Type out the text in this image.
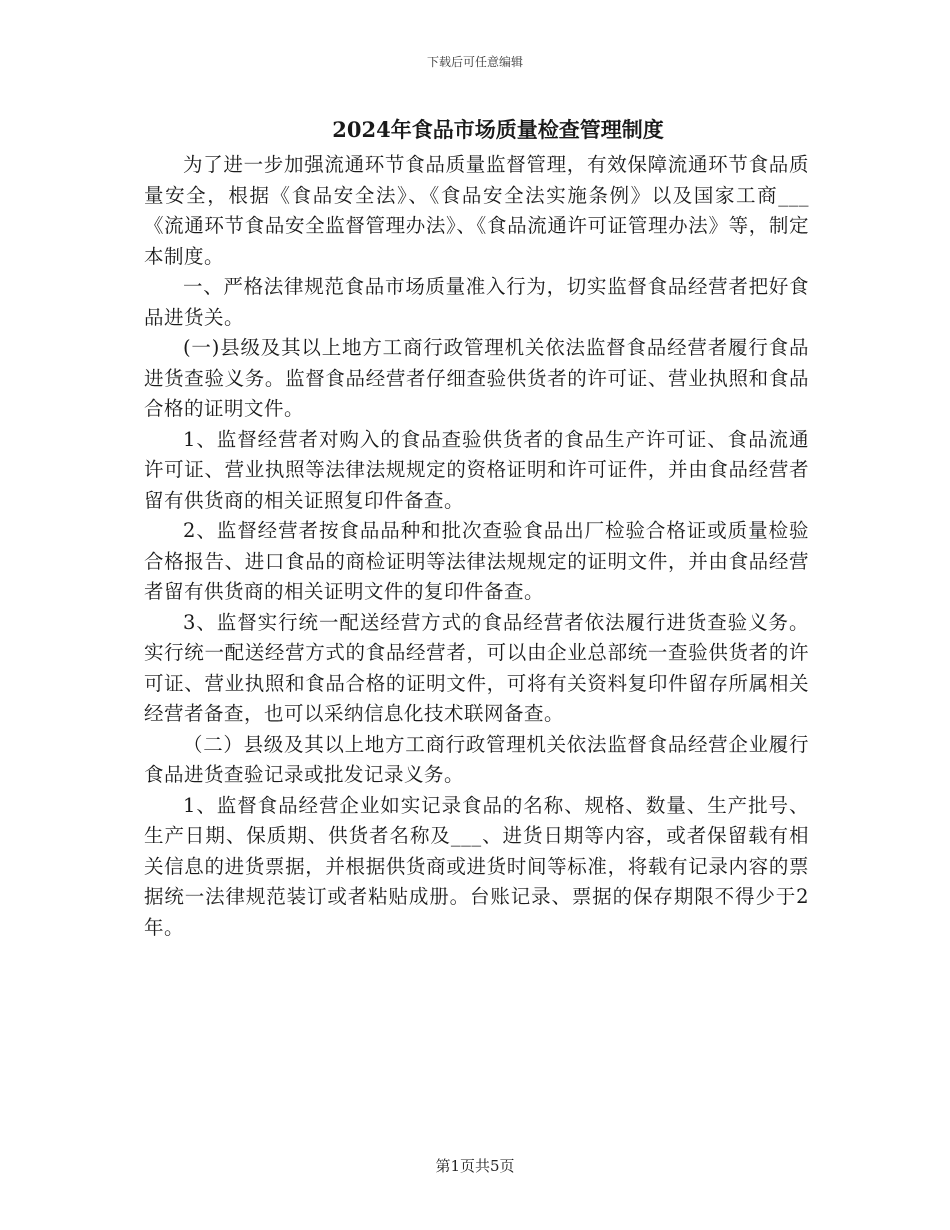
下载后可任意编辑
2024年食品市场质量检查管理制度

为了进一步加强流通环节食品质量监督管理，有效保障流通环节食品质量安全，根据《食品安全法》、《食品安全法实施条例》以及国家工商___《流通环节食品安全监督管理办法》、《食品流通许可证管理办法》等，制定本制度。

一、严格法律规范食品市场质量准入行为，切实监督食品经营者把好食品进货关。

(一)县级及其以上地方工商行政管理机关依法监督食品经营者履行食品进货查验义务。监督食品经营者仔细查验供货者的许可证、营业执照和食品合格的证明文件。

1、监督经营者对购入的食品查验供货者的食品生产许可证、食品流通许可证、营业执照等法律法规规定的资格证明和许可证件，并由食品经营者留有供货商的相关证照复印件备查。

2、监督经营者按食品品种和批次查验食品出厂检验合格证或质量检验合格报告、进口食品的商检证明等法律法规规定的证明文件，并由食品经营者留有供货商的相关证明文件的复印件备查。

3、监督实行统一配送经营方式的食品经营者依法履行进货查验义务。实行统一配送经营方式的食品经营者，可以由企业总部统一查验供货者的许可证、营业执照和食品合格的证明文件，可将有关资料复印件留存所属相关经营者备查，也可以采纳信息化技术联网备查。

（二）县级及其以上地方工商行政管理机关依法监督食品经营企业履行食品进货查验记录或批发记录义务。

1、监督食品经营企业如实记录食品的名称、规格、数量、生产批号、生产日期、保质期、供货者名称及___、进货日期等内容，或者保留载有相关信息的进货票据，并根据供货商或进货时间等标准，将载有记录内容的票据统一法律规范装订或者粘贴成册。台账记录、票据的保存期限不得少于2年。

第1页共5页
